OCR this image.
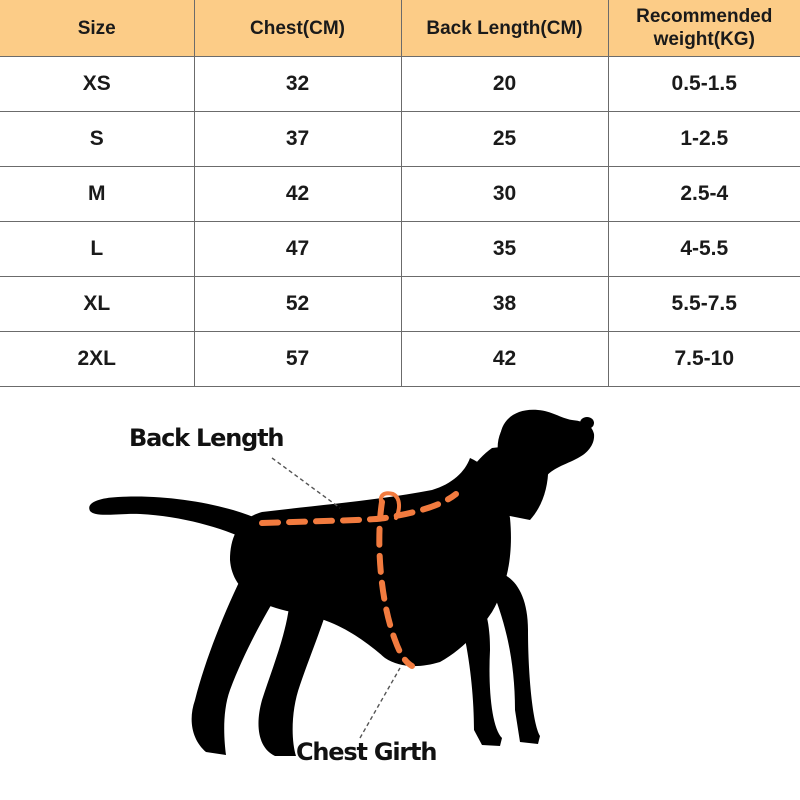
Size	Chest(CM)	Back Length(CM)	Recommended
weight(KG)

XS	32	20	0.5-1.5
S	37	25	1-2.5
M	42	30	2.5-4
L	47	35	4-5.5
XL	52	38	5.5-7.5
2XL	57	42	7.5-10
Back Length
Chest Girth
